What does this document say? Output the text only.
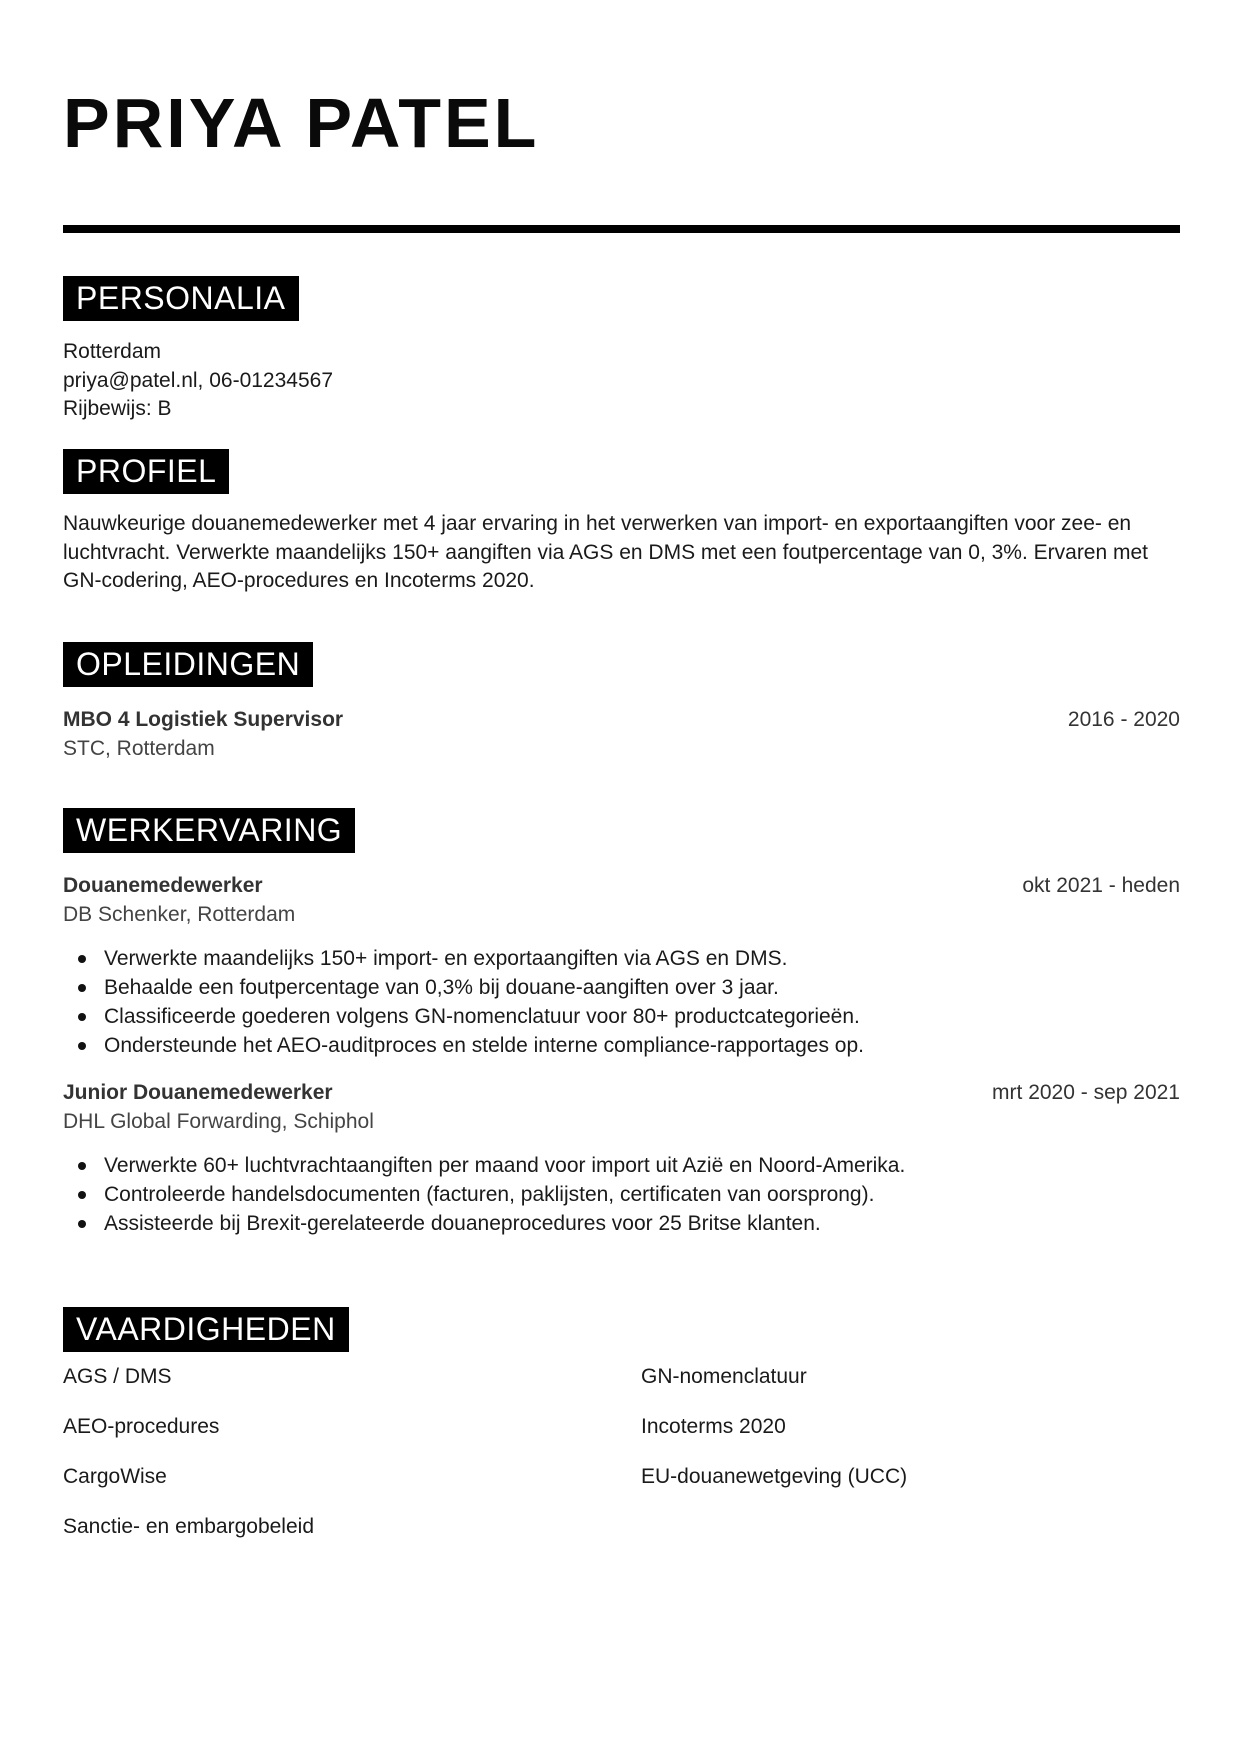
PRIYA PATEL
PERSONALIA
Rotterdam
priya@patel.nl, 06-01234567
Rijbewijs: B
PROFIEL
Nauwkeurige douanemedewerker met 4 jaar ervaring in het verwerken van import- en exportaangiften voor zee- en luchtvracht. Verwerkte maandelijks 150+ aangiften via AGS en DMS met een foutpercentage van 0, 3%. Ervaren met GN-codering, AEO-procedures en Incoterms 2020.
OPLEIDINGEN
MBO 4 Logistiek Supervisor	2016 - 2020
STC, Rotterdam
WERKERVARING
Douanemedewerker	okt 2021 - heden
DB Schenker, Rotterdam
Verwerkte maandelijks 150+ import- en exportaangiften via AGS en DMS.
Behaalde een foutpercentage van 0,3% bij douane-aangiften over 3 jaar.
Classificeerde goederen volgens GN-nomenclatuur voor 80+ productcategorieën.
Ondersteunde het AEO-auditproces en stelde interne compliance-rapportages op.
Junior Douanemedewerker	mrt 2020 - sep 2021
DHL Global Forwarding, Schiphol
Verwerkte 60+ luchtvrachtaangiften per maand voor import uit Azië en Noord-Amerika.
Controleerde handelsdocumenten (facturen, paklijsten, certificaten van oorsprong).
Assisteerde bij Brexit-gerelateerde douaneprocedures voor 25 Britse klanten.
VAARDIGHEDEN
AGS / DMS	GN-nomenclatuur
AEO-procedures	Incoterms 2020
CargoWise	EU-douanewetgeving (UCC)
Sanctie- en embargobeleid
